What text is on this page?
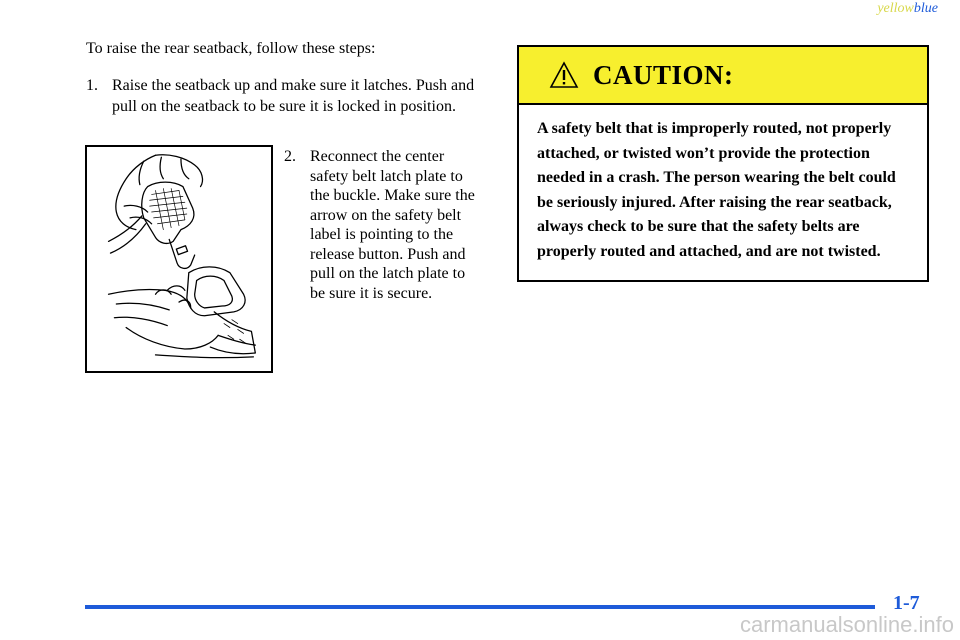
yellowblue
To raise the rear seatback, follow these steps:
1. Raise the seatback up and make sure it latches. Push and pull on the seatback to be sure it is locked in position.
2. Reconnect the center safety belt latch plate to the buckle. Make sure the arrow on the safety belt label is pointing to the release button. Push and pull on the latch plate to be sure it is secure.
CAUTION:
A safety belt that is improperly routed, not properly attached, or twisted won’t provide the protection needed in a crash. The person wearing the belt could be seriously injured. After raising the rear seatback, always check to be sure that the safety belts are properly routed and attached, and are not twisted.
1-7
carmanualsonline.info
